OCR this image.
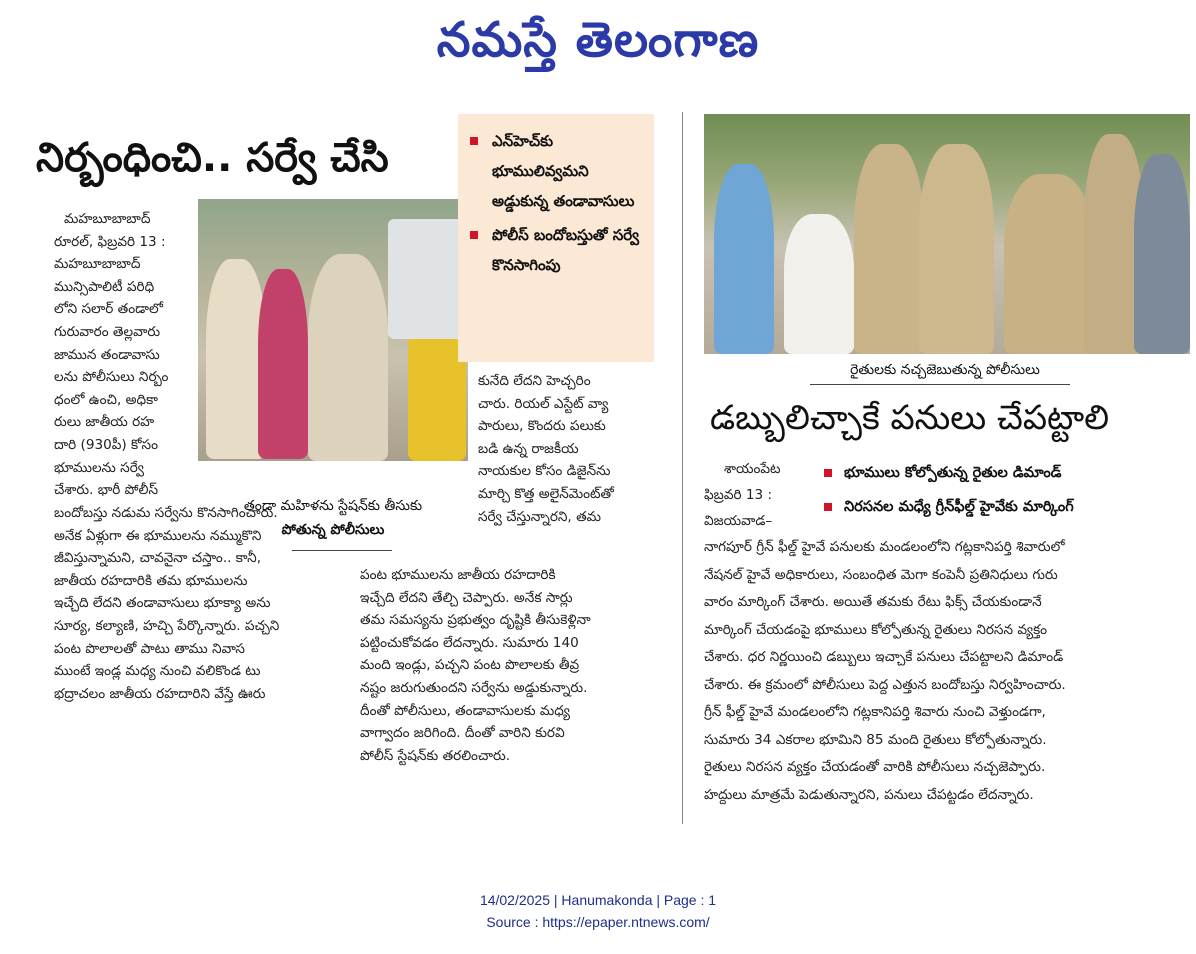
నమస్తే తెలంగాణ
నిర్బంధించి.. సర్వే చేసి
తండా మహిళను స్టేషన్‌కు తీసుకు
పోతున్న పోలీసులు
ఎన్‌హెచ్‌కు భూములివ్వమని అడ్డుకున్న తండావాసులు
పోలీస్ బందోబస్తుతో సర్వే కొనసాగింపు

మహబూబాబాద్

రూరల్, ఫిబ్రవరి 13 :

మహబూబాబాద్

మున్సిపాలిటీ పరిధి

లోని సలార్ తండాలో

గురువారం తెల్లవారు

జామున తండావాసు

లను పోలీసులు నిర్బం

ధంలో ఉంచి, అధికా

రులు జాతీయ రహ

దారి (930పీ) కోసం

భూములను సర్వే

చేశారు. భారీ పోలీస్

బందోబస్తు నడుమ సర్వేను కొనసాగించారు.

అనేక ఏళ్లుగా ఈ భూములను నమ్ముకొని

జీవిస్తున్నామని, చావనైనా చస్తాం.. కానీ,

జాతీయ రహదారికి తమ భూములను

ఇచ్చేది లేదని తండావాసులు భూక్యా అను

సూర్య, కల్యాణి, హచ్చి పేర్కొన్నారు. పచ్చని

పంట పొలాలతో పాటు తాము నివాస

ముంటే ఇండ్ల మధ్య నుంచి వలికొండ టు

భద్రాచలం జాతీయ రహదారిని వేస్తే ఊరు

కునేది లేదని హెచ్చరిం

చారు. రియల్ ఎస్టేట్ వ్యా

పారులు, కొందరు పలుకు

బడి ఉన్న రాజకీయ

నాయకుల కోసం డిజైన్‌ను

మార్చి కొత్త అలైన్‌మెంట్‌తో

సర్వే చేస్తున్నారని, తమ

పంట భూములను జాతీయ రహదారికి

ఇచ్చేది లేదని తేల్చి చెప్పారు. అనేక సార్లు

తమ సమస్యను ప్రభుత్వం దృష్టికి తీసుకెళ్లినా

పట్టించుకోవడం లేదన్నారు. సుమారు 140

మంది ఇండ్లు, పచ్చని పంట పొలాలకు తీవ్ర

నష్టం జరుగుతుందని సర్వేను అడ్డుకున్నారు.

దీంతో పోలీసులు, తండావాసులకు మధ్య

వాగ్వాదం జరిగింది. దీంతో వారిని కురవి

పోలీస్ స్టేషన్‌కు తరలించారు.

రైతులకు నచ్చజెబుతున్న పోలీసులు
డబ్బులిచ్చాకే పనులు చేపట్టాలి

శాయంపేట

ఫిబ్రవరి 13 :

విజయవాడ–

భూములు కోల్పోతున్న రైతుల డిమాండ్
నిరసనల మధ్యే గ్రీన్‌ఫీల్డ్ హైవేకు మార్కింగ్

నాగపూర్ గ్రీన్ ఫీల్డ్ హైవే పనులకు మండలంలోని గట్లకానిపర్తి శివారులో

నేషనల్ హైవే అధికారులు, సంబంధిత మెగా కంపెనీ ప్రతినిధులు గురు

వారం మార్కింగ్ చేశారు. అయితే తమకు రేటు ఫిక్స్ చేయకుండానే

మార్కింగ్ చేయడంపై భూములు కోల్పోతున్న రైతులు నిరసన వ్యక్తం

చేశారు. ధర నిర్ణయించి డబ్బులు ఇచ్చాకే పనులు చేపట్టాలని డిమాండ్

చేశారు. ఈ క్రమంలో పోలీసులు పెద్ద ఎత్తున బందోబస్తు నిర్వహించారు.

గ్రీన్ ఫీల్డ్ హైవే మండలంలోని గట్లకానిపర్తి శివారు నుంచి వెళ్తుండగా,

సుమారు 34 ఎకరాల భూమిని 85 మంది రైతులు కోల్పోతున్నారు.

రైతులు నిరసన వ్యక్తం చేయడంతో వారికి పోలీసులు నచ్చజెప్పారు.

హద్దులు మాత్రమే పెడుతున్నారని, పనులు చేపట్టడం లేదన్నారు.

14/02/2025 | Hanumakonda | Page : 1
Source : https://epaper.ntnews.com/
